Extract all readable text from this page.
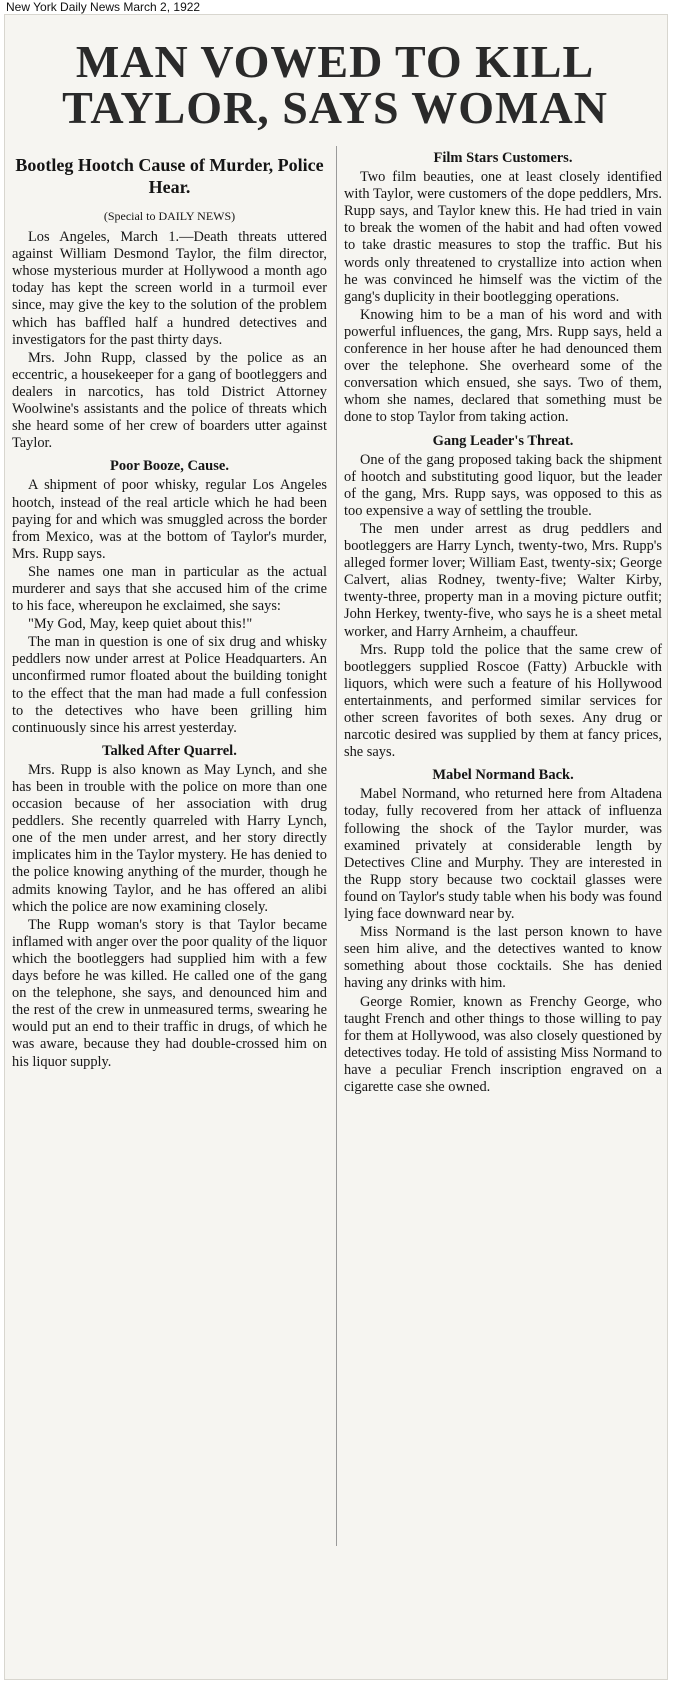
New York Daily News March 2, 1922
MAN VOWED TO KILL
TAYLOR, SAYS WOMAN
Bootleg Hootch Cause of Murder, Police Hear.
(Special to DAILY NEWS)

Los Angeles, March 1.—Death threats uttered against William Desmond Taylor, the film director, whose mysterious murder at Hollywood a month ago today has kept the screen world in a turmoil ever since, may give the key to the solution of the problem which has baffled half a hundred detectives and investigators for the past thirty days.

Mrs. John Rupp, classed by the police as an eccentric, a housekeeper for a gang of bootleggers and dealers in narcotics, has told District Attorney Woolwine's assistants and the police of threats which she heard some of her crew of boarders utter against Taylor.

Poor Booze, Cause.

A shipment of poor whisky, regular Los Angeles hootch, instead of the real article which he had been paying for and which was smuggled across the border from Mexico, was at the bottom of Taylor's murder, Mrs. Rupp says.

She names one man in particular as the actual murderer and says that she accused him of the crime to his face, whereupon he exclaimed, she says:

"My God, May, keep quiet about this!"

The man in question is one of six drug and whisky peddlers now under arrest at Police Headquarters. An unconfirmed rumor floated about the building tonight to the effect that the man had made a full confession to the detectives who have been grilling him continuously since his arrest yesterday.

Talked After Quarrel.

Mrs. Rupp is also known as May Lynch, and she has been in trouble with the police on more than one occasion because of her association with drug peddlers. She recently quarreled with Harry Lynch, one of the men under arrest, and her story directly implicates him in the Taylor mystery. He has denied to the police knowing anything of the murder, though he admits knowing Taylor, and he has offered an alibi which the police are now examining closely.

The Rupp woman's story is that Taylor became inflamed with anger over the poor quality of the liquor which the bootleggers had supplied him with a few days before he was killed. He called one of the gang on the telephone, she says, and denounced him and the rest of the crew in unmeasured terms, swearing he would put an end to their traffic in drugs, of which he was aware, because they had double-crossed him on his liquor supply.

Film Stars Customers.

Two film beauties, one at least closely identified with Taylor, were customers of the dope peddlers, Mrs. Rupp says, and Taylor knew this. He had tried in vain to break the women of the habit and had often vowed to take drastic measures to stop the traffic. But his words only threatened to crystallize into action when he was convinced he himself was the victim of the gang's duplicity in their bootlegging operations.

Knowing him to be a man of his word and with powerful influences, the gang, Mrs. Rupp says, held a conference in her house after he had denounced them over the telephone. She overheard some of the conversation which ensued, she says. Two of them, whom she names, declared that something must be done to stop Taylor from taking action.

Gang Leader's Threat.

One of the gang proposed taking back the shipment of hootch and substituting good liquor, but the leader of the gang, Mrs. Rupp says, was opposed to this as too expensive a way of settling the trouble.

The men under arrest as drug peddlers and bootleggers are Harry Lynch, twenty-two, Mrs. Rupp's alleged former lover; William East, twenty-six; George Calvert, alias Rodney, twenty-five; Walter Kirby, twenty-three, property man in a moving picture outfit; John Herkey, twenty-five, who says he is a sheet metal worker, and Harry Arnheim, a chauffeur.

Mrs. Rupp told the police that the same crew of bootleggers supplied Roscoe (Fatty) Arbuckle with liquors, which were such a feature of his Hollywood entertainments, and performed similar services for other screen favorites of both sexes. Any drug or narcotic desired was supplied by them at fancy prices, she says.

Mabel Normand Back.

Mabel Normand, who returned here from Altadena today, fully recovered from her attack of influenza following the shock of the Taylor murder, was examined privately at considerable length by Detectives Cline and Murphy. They are interested in the Rupp story because two cocktail glasses were found on Taylor's study table when his body was found lying face downward near by.

Miss Normand is the last person known to have seen him alive, and the detectives wanted to know something about those cocktails. She has denied having any drinks with him.

George Romier, known as Frenchy George, who taught French and other things to those willing to pay for them at Hollywood, was also closely questioned by detectives today. He told of assisting Miss Normand to have a peculiar French inscription engraved on a cigarette case she owned.
